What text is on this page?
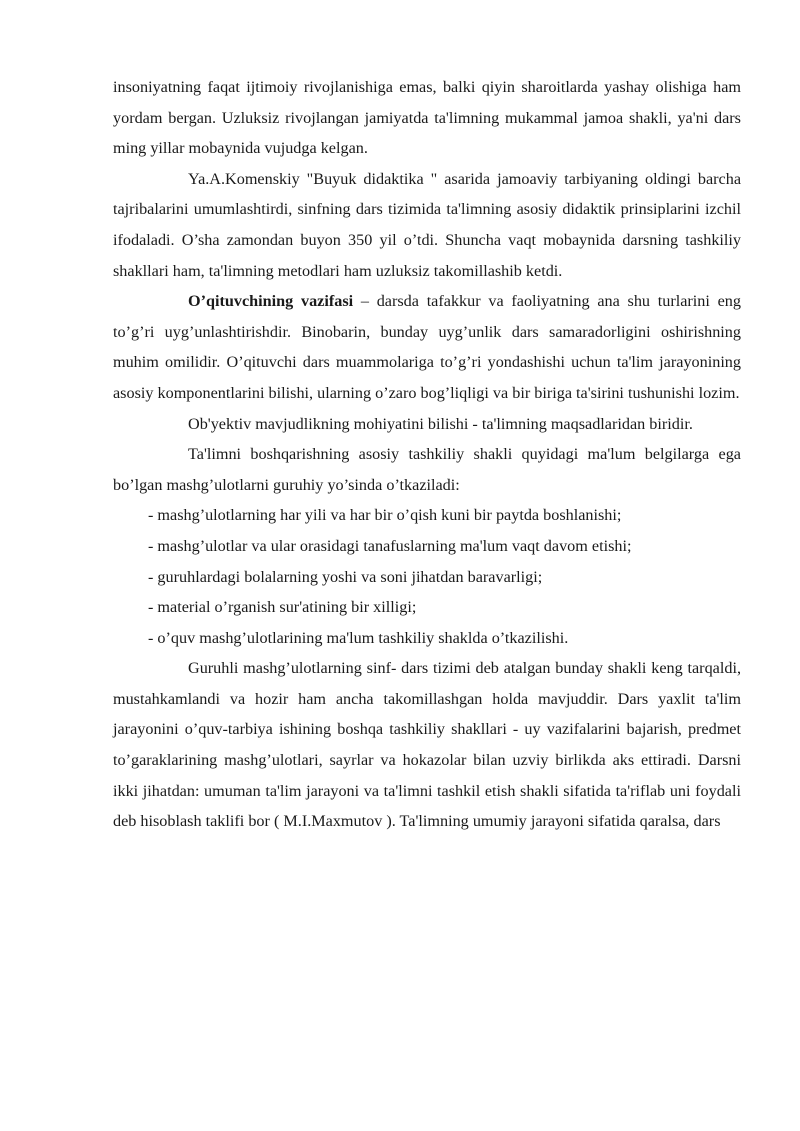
insoniyatning faqat ijtimoiy rivojlanishiga emas, balki qiyin sharoitlarda yashay olishiga ham yordam bergan. Uzluksiz rivojlangan jamiyatda ta'limning mukammal jamoa shakli, ya'ni dars ming yillar mobaynida vujudga kelgan.

Ya.A.Komenskiy "Buyuk didaktika " asarida jamoaviy tarbiyaning oldingi barcha tajribalarini umumlashtirdi, sinfning dars tizimida ta'limning asosiy didaktik prinsiplarini izchil ifodaladi. O’sha zamondan buyon 350 yil o’tdi. Shuncha vaqt mobaynida darsning tashkiliy shakllari ham, ta'limning metodlari ham uzluksiz takomillashib ketdi.

O’qituvchining vazifasi – darsda tafakkur va faoliyatning ana shu turlarini eng to’g’ri uyg’unlashtirishdir. Binobarin, bunday uyg’unlik dars samaradorligini oshirishning muhim omilidir. O’qituvchi dars muammolariga to’g’ri yondashishi uchun ta'lim jarayonining asosiy komponentlarini bilishi, ularning o’zaro bog’liqligi va bir biriga ta'sirini tushunishi lozim.

Ob'yektiv mavjudlikning mohiyatini bilishi - ta'limning maqsadlaridan biridir.

Ta'limni boshqarishning asosiy tashkiliy shakli quyidagi ma'lum belgilarga ega bo’lgan mashg’ulotlarni guruhiy yo’sinda o’tkaziladi:

- mashg’ulotlarning har yili va har bir o’qish kuni bir paytda boshlanishi;

- mashg’ulotlar va ular orasidagi tanafuslarning ma'lum vaqt davom etishi;

- guruhlardagi bolalarning yoshi va soni jihatdan baravarligi;

- material o’rganish sur'atining bir xilligi;

- o’quv mashg’ulotlarining ma'lum tashkiliy shaklda o’tkazilishi.

Guruhli mashg’ulotlarning sinf- dars tizimi deb atalgan bunday shakli keng tarqaldi, mustahkamlandi va hozir ham ancha takomillashgan holda mavjuddir. Dars yaxlit ta'lim jarayonini o’quv-tarbiya ishining boshqa tashkiliy shakllari - uy vazifalarini bajarish, predmet to’garaklarining mashg’ulotlari, sayrlar va hokazolar bilan uzviy birlikda aks ettiradi. Darsni ikki jihatdan: umuman ta'lim jarayoni va ta'limni tashkil etish shakli sifatida ta'riflab uni foydali deb hisoblash taklifi bor ( M.I.Maxmutov ). Ta'limning umumiy jarayoni sifatida qaralsa, dars
